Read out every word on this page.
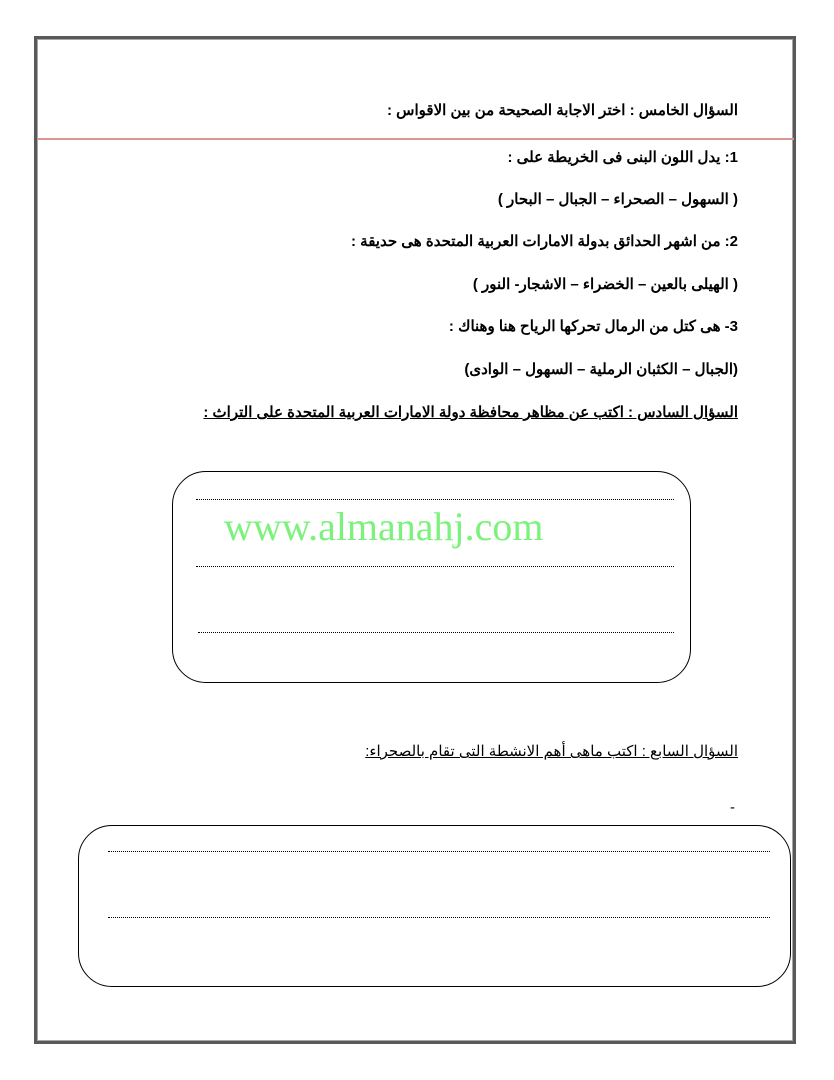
السؤال الخامس : اختر الاجابة الصحيحة من بين الاقواس :
1: يدل اللون البنى فى الخريطة على :
( السهول – الصحراء – الجبال – البحار )
2: من اشهر الحدائق بدولة الامارات العربية المتحدة هى حديقة :
( الهيلى بالعين – الخضراء – الاشجار- النور )
3- هى كتل من الرمال تحركها الرياح هنا وهناك :
(الجبال – الكثبان الرملية – السهول – الوادى)
السؤال السادس : اكتب عن مظاهر محافظة دولة الامارات العربية المتحدة على التراث :
www.almanahj.com
السؤال السابع : اكتب ماهى أهم الانشطة التى تقام بالصحراء:
-
